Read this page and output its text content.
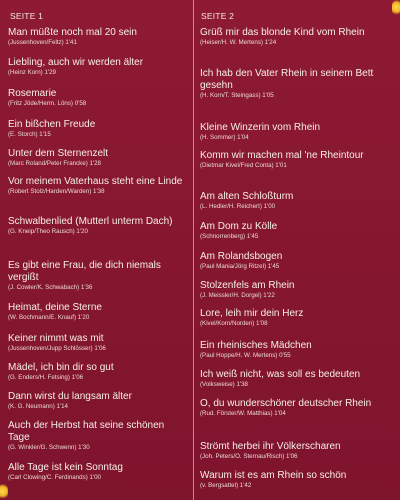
SEITE 1
Man müßte noch mal 20 sein
(Jussenhoven/Feltz) 1'41
Liebling, auch wir werden älter
(Heinz Korn) 1'29
Rosemarie
(Fritz Jöde/Herm. Löns) 0'58
Ein bißchen Freude
(E. Storch) 1'15
Unter dem Sternenzelt
(Marc Roland/Peter Francke) 1'28
Vor meinem Vaterhaus steht eine Linde
(Robert Stolz/Harden/Warden) 1'38
Schwalbenlied (Mutterl unterm Dach)
(G. Kneip/Theo Rausch) 1'20
Es gibt eine Frau, die dich niemals vergißt
(J. Cowler/K. Schwabach) 1'36
Heimat, deine Sterne
(W. Bochmann/E. Knauf) 1'20
Keiner nimmt was mit
(Jussenhoven/Jupp Schlösser) 1'06
Mädel, ich bin dir so gut
(G. Enders/H. Fetsing) 1'06
Dann wirst du langsam älter
(K. G. Neumann) 1'14
Auch der Herbst hat seine schönen Tage
(G. Winkler/G. Schwenn) 1'30
Alle Tage ist kein Sonntag
(Carl Clowing/C. Ferdinands) 1'00
SEITE 2
Grüß mir das blonde Kind vom Rhein
(Heiser/H. W. Mertens) 1'24
Ich hab den Vater Rhein in seinem Bett gesehn
(H. Korn/T. Steingass) 1'05
Kleine Winzerin vom Rhein
(H. Sommer) 1'04
Komm wir machen mal 'ne Rheintour
(Dietmar Kivel/Fred Conta) 1'01
Am alten Schloßturm
(L. Hedler/H. Reichert) 1'00
Am Dom zu Kölle
(Schnorrenberg) 1'45
Am Rolandsbogen
(Paul Mania/Jörg Ritzel) 1'45
Stolzenfels am Rhein
(J. Meissler/H. Dorgel) 1'22
Lore, leih mir dein Herz
(Kivel/Korn/Norden) 1'08
Ein rheinisches Mädchen
(Paul Hoppe/H. W. Mertens) 0'55
Ich weiß nicht, was soll es bedeuten
(Volksweise) 1'38
O, du wunderschöner deutscher Rhein
(Rud. Förster/W. Matthias) 1'04
Strömt herbei ihr Völkerscharen
(Joh. Peters/O. Sternau/Risch) 1'06
Warum ist es am Rhein so schön
(v. Bergsattel) 1'42
